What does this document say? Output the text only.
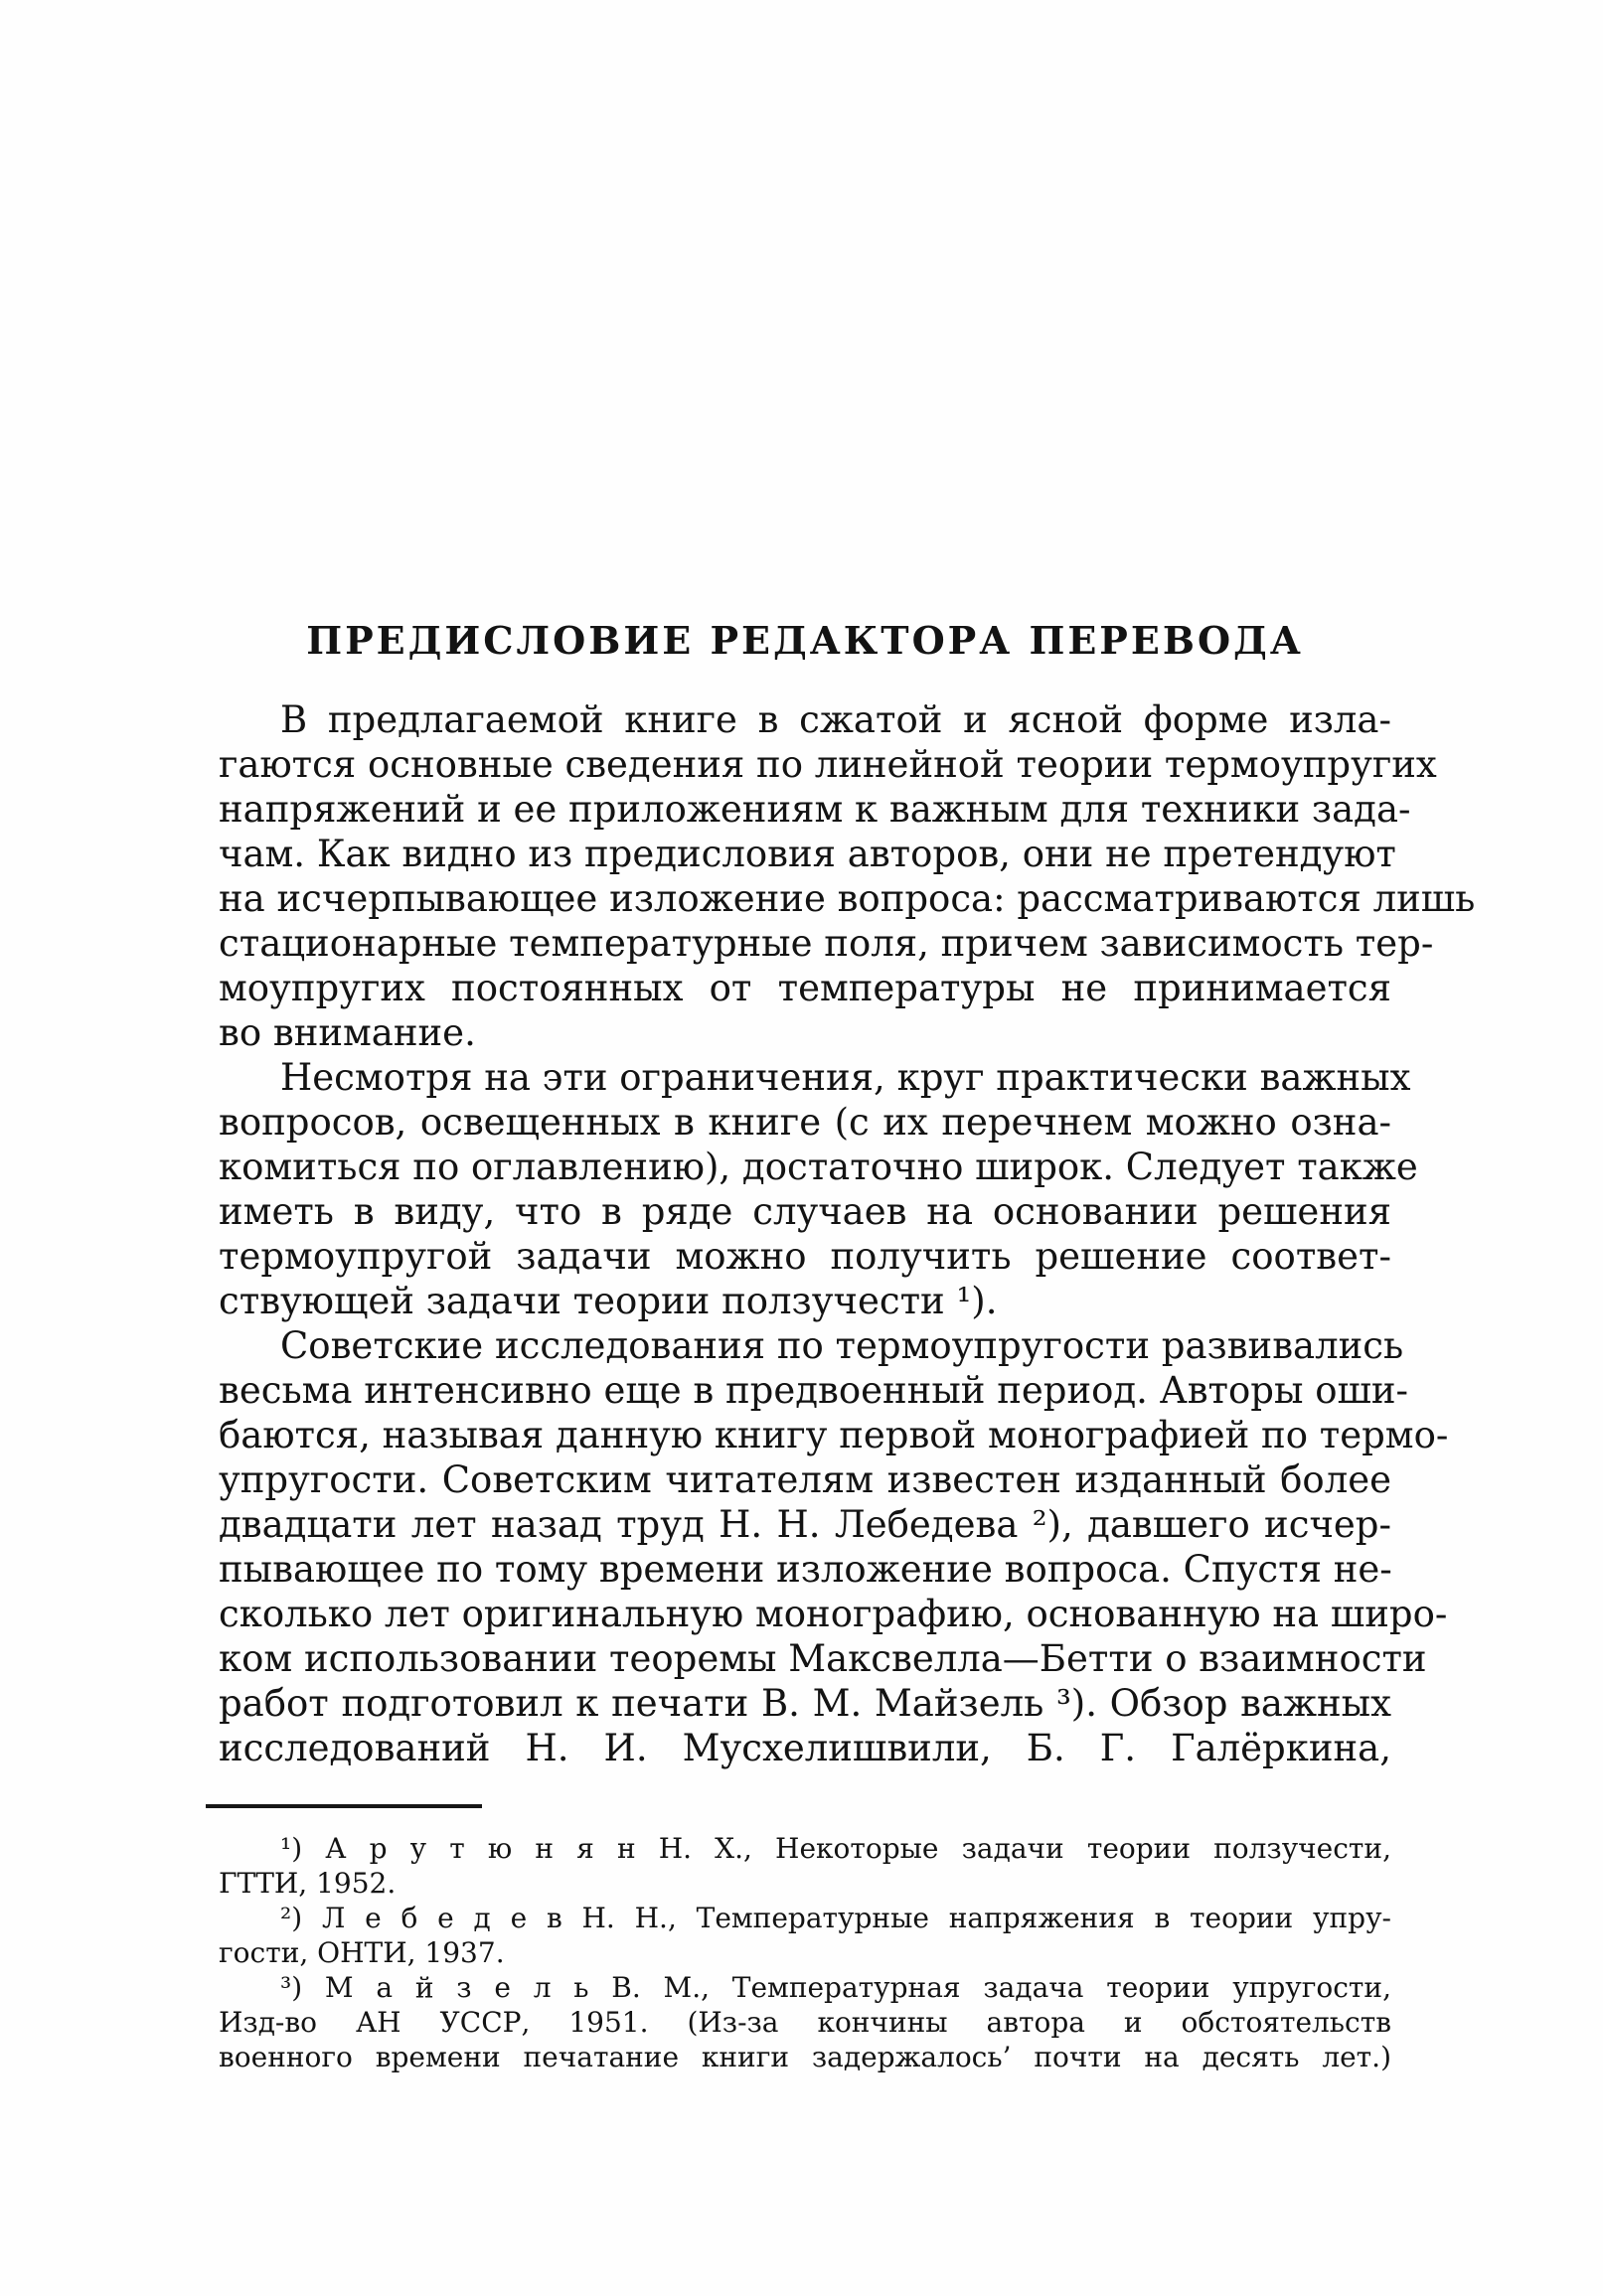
ПРЕДИСЛОВИЕ РЕДАКТОРА ПЕРЕВОДА
В предлагаемой книге в сжатой и ясной форме изла-
гаются основные сведения по линейной теории термоупругих
напряжений и ее приложениям к важным для техники зада-
чам. Как видно из предисловия авторов, они не претендуют
на исчерпывающее изложение вопроса: рассматриваются лишь
стационарные температурные поля, причем зависимость тер-
моупругих постоянных от температуры не принимается
во внимание.
Несмотря на эти ограничения, круг практически важных
вопросов, освещенных в книге (с их перечнем можно озна-
комиться по оглавлению), достаточно широк. Следует также
иметь в виду, что в ряде случаев на основании решения
термоупругой задачи можно получить решение соответ-
ствующей задачи теории ползучести ¹).
Советские исследования по термоупругости развивались
весьма интенсивно еще в предвоенный период. Авторы оши-
баются, называя данную книгу первой монографией по термо-
упругости. Советским читателям известен изданный более
двадцати лет назад труд Н. Н. Лебедева ²), давшего исчер-
пывающее по тому времени изложение вопроса. Спустя не-
сколько лет оригинальную монографию, основанную на широ-
ком использовании теоремы Максвелла—Бетти о взаимности
работ подготовил к печати В. М. Майзель ³). Обзор важных
исследований Н. И. Мусхелишвили, Б. Г. Галёркина,
¹) А р у т ю н я н Н. Х., Некоторые задачи теории ползучести,
ГТТИ, 1952.
²) Л е б е д е в Н. Н., Температурные напряжения в теории упру-
гости, ОНТИ, 1937.
³) М а й з е л ь В. М., Температурная задача теории упругости,
Изд-во АН УССР, 1951. (Из-за кончины автора и обстоятельств
военного времени печатание книги задержалось’ почти на десять лет.)
